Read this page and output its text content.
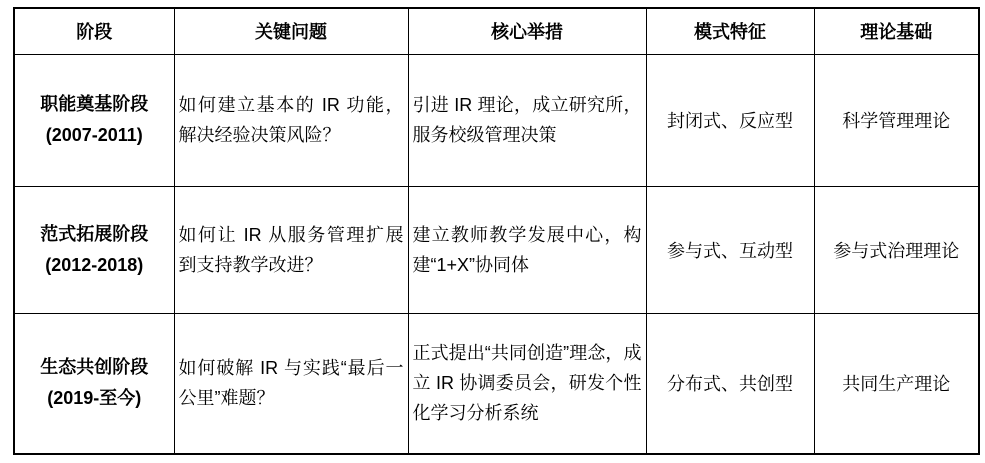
阶段	关键问题	核心举措	模式特征	理论基础

职能奠基阶段
(2007-2011)	如何建立基本的 IR 功能，解决经验决策风险？	引进 IR 理论，成立研究所，服务校级管理决策	封闭式、反应型	科学管理理论

范式拓展阶段
(2012-2018)	如何让 IR 从服务管理扩展到支持教学改进？	建立教师教学发展中心，构建“1+X”协同体	参与式、互动型	参与式治理理论

生态共创阶段
(2019-至今)	如何破解 IR 与实践“最后一公里”难题？	正式提出“共同创造”理念，成立 IR 协调委员会，研发个性化学习分析系统	分布式、共创型	共同生产理论
